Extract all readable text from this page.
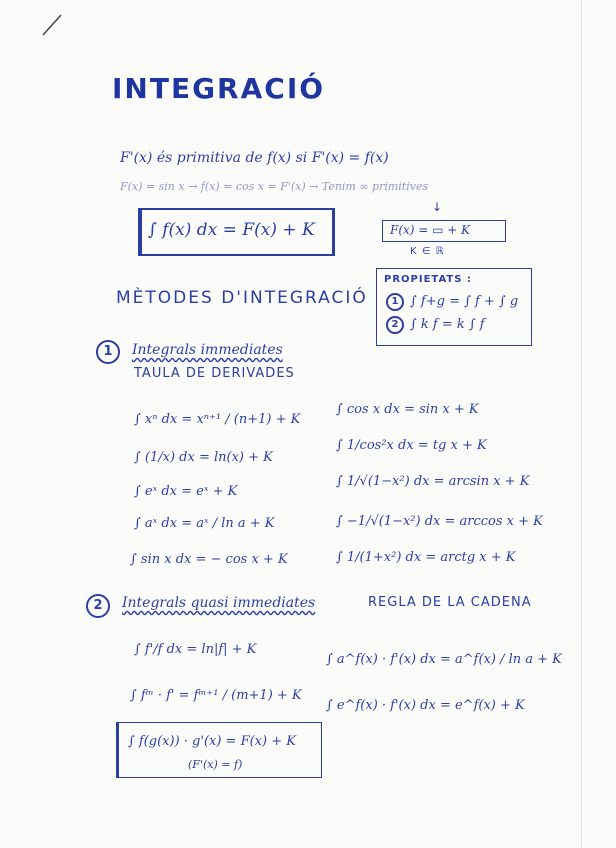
INTEGRACIÓ
F'(x) és primitiva de f(x) si F'(x) = f(x)
F(x) = sin x → f(x) = cos x = F'(x) → Tenim ∞ primitives
∫ f(x) dx = F(x) + K
↓
F(x) = ▭ + K
K ∈ ℝ
PROPIETATS :
1 ∫ f+g = ∫ f + ∫ g
2 ∫ k f = k ∫ f
MÈTODES D'INTEGRACIÓ
1	Integrals immediates
TAULA DE DERIVADES
∫ xⁿ dx = xⁿ⁺¹ / (n+1) + K
∫ (1/x) dx = ln(x) + K
∫ eˣ dx = eˣ + K
∫ aˣ dx = aˣ / ln a + K
∫ sin x dx = − cos x + K
∫ cos x dx = sin x + K
∫ 1/cos²x dx = tg x + K
∫ 1/√(1−x²) dx = arcsin x + K
∫ −1/√(1−x²) dx = arccos x + K
∫ 1/(1+x²) dx = arctg x + K
2	Integrals quasi immediates	REGLA DE LA CADENA
∫ f'/f dx = ln|f| + K
∫ fᵐ · f' = fᵐ⁺¹ / (m+1) + K
∫ a^f(x) · f'(x) dx = a^f(x) / ln a + K
∫ e^f(x) · f'(x) dx = e^f(x) + K
∫ f(g(x)) · g'(x) = F(x) + K
(F'(x) = f)
